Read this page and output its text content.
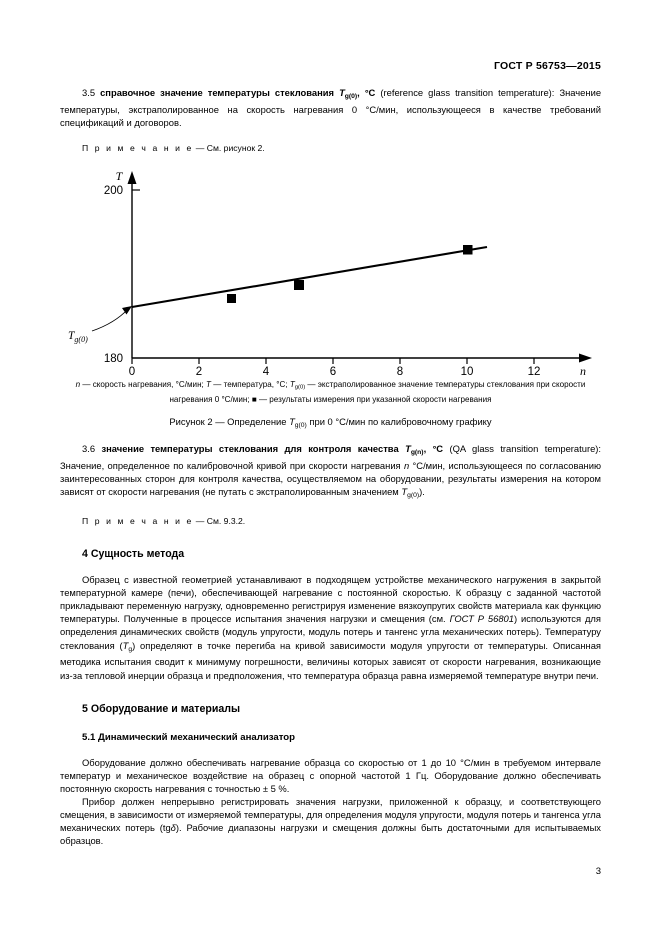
ГОСТ Р 56753—2015

3.5 справочное значение температуры стеклования $T_{g(0)}$, °C (reference glass transition temperature): Значение температуры, экстраполированное на скорость нагревания 0 °C/мин, использующееся в качестве требований спецификаций и договоров.

П р и м е ч а н и е — См. рисунок 2.
T
n
200
180
0	2	4	6	8	10	12
$T_{g(0)}$
n — скорость нагревания, °C/мин; T — температура, °C; $T_{g(0)}$ — экстраполированное значение температуры стеклования при скорости нагревания 0 °C/мин; ■ — результаты измерения при указанной скорости нагревания
Рисунок 2 — Определение $T_{g(0)}$ при 0 °C/мин по калибровочному графику

3.6 значение температуры стеклования для контроля качества $T_{g(n)}$, °C (QA glass transition temperature): Значение, определенное по калибровочной кривой при скорости нагревания n °C/мин, использующееся по согласованию заинтересованных сторон для контроля качества, осуществляемом на оборудовании, результаты измерения на котором зависят от скорости нагревания (не путать с экстраполированным значением $T_{g(0)}$).

П р и м е ч а н и е — См. 9.3.2.
4 Сущность метода

Образец с известной геометрией устанавливают в подходящем устройстве механического нагружения в закрытой температурной камере (печи), обеспечивающей нагревание с постоянной скоростью. К образцу с заданной частотой прикладывают переменную нагрузку, одновременно регистрируя изменение вязкоупругих свойств материала как функцию температуры. Полученные в процессе испытания значения нагрузки и смещения (см. ГОСТ Р 56801) используются для определения динамических свойств (модуль упругости, модуль потерь и тангенс угла механических потерь). Температуру стеклования $(T_g)$ определяют в точке перегиба на кривой зависимости модуля упругости от температуры. Описанная методика испытания сводит к минимуму погрешности, величины которых зависят от скорости нагревания, возникающие из-за тепловой инерции образца и предположения, что температура образца равна измеряемой температуре внутри печи.

5 Оборудование и материалы
5.1 Динамический механический анализатор

Оборудование должно обеспечивать нагревание образца со скоростью от 1 до 10 °C/мин в требуемом интервале температур и механическое воздействие на образец с опорной частотой 1 Гц. Оборудование должно обеспечивать постоянную скорость нагревания с точностью ± 5 %.

Прибор должен непрерывно регистрировать значения нагрузки, приложенной к образцу, и соответствующего смещения, в зависимости от измеряемой температуры, для определения модуля упругости, модуля потерь и тангенса угла механических потерь (tgδ). Рабочие диапазоны нагрузки и смещения должны быть достаточными для испытываемых образцов.

3
